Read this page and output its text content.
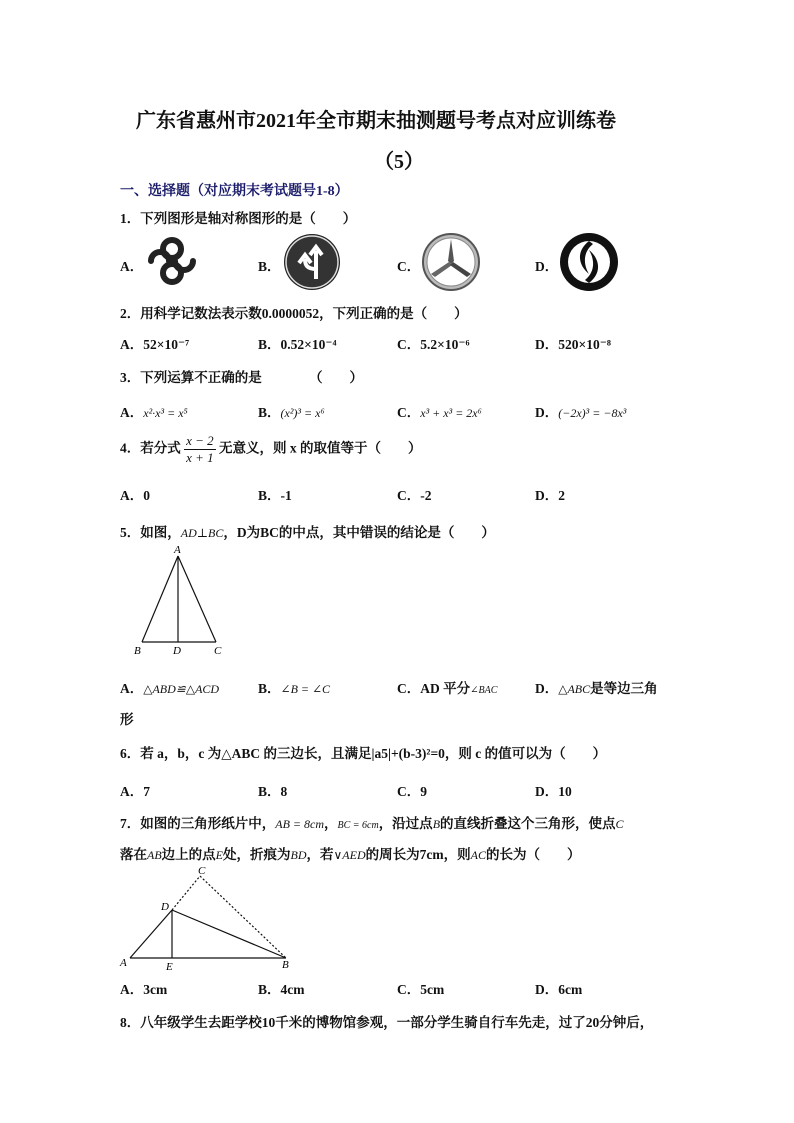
广东省惠州市2021年全市期末抽测题号考点对应训练卷
（5）
一、选择题（对应期末考试题号1-8）
1．下列图形是轴对称图形的是（　　）
A．	B．	C．	D．
2．用科学记数法表示数0.0000052，下列正确的是（　　）
A．52×10⁻⁷	B．0.52×10⁻⁴	C．5.2×10⁻⁶	D．520×10⁻⁸
3．下列运算不正确的是　　　　（　　）
A．x²·x³ = x⁵	B．(x²)³ = x⁶	C．x³ + x³ = 2x⁶	D．(−2x)³ = −8x³
4．若分式 $\frac{x - 2}{x + 1}$ 无意义，则 x 的取值等于（　　）
A．0	B．-1	C．-2	D．2
5．如图，AD⊥BC，D为BC的中点，其中错误的结论是（　　）
A
B	D	C
A．△ABD≌△ACD	B．∠B = ∠C	C．AD 平分∠BAC	D．△ABC是等边三角
形
6．若 a，b，c 为△ABC 的三边长，且满足|a5|+(b-3)²=0，则 c 的值可以为（　　）
A．7	B．8	C．9	D．10
7．如图的三角形纸片中，AB = 8cm，BC = 6cm，沿过点B的直线折叠这个三角形，使点C
落在AB边上的点E处，折痕为BD，若∨AED的周长为7cm，则AC的长为（　　）
C
D
A	E	B
A．3cm	B．4cm	C．5cm	D．6cm
8．八年级学生去距学校10千米的博物馆参观，一部分学生骑自行车先走，过了20分钟后，
